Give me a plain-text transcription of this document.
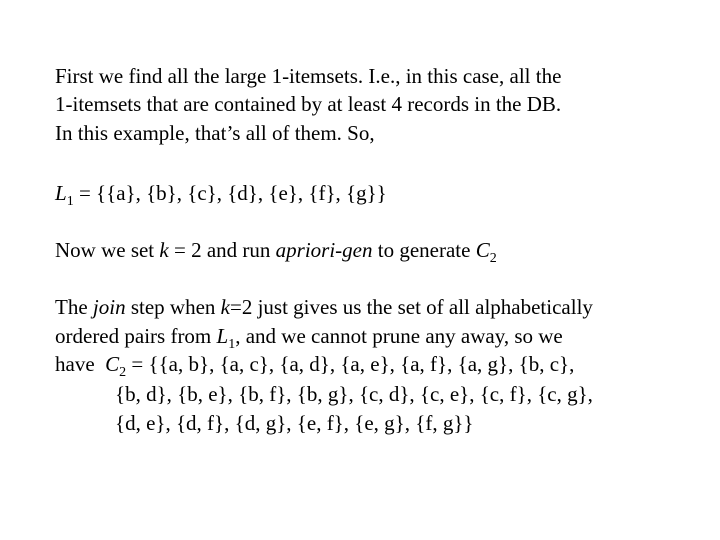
First we find all the large 1-itemsets. I.e., in this case, all the
1-itemsets that are contained by at least 4 records in the DB.
In this example, that’s all of them. So,
$L_1 = \{\{a\}$, {b}, {c}, {d}, {e}, {f}, {g}}
Now we set k = 2 and run apriori-gen to generate $C_2$
The join step when k=2 just gives us the set of all alphabetically
ordered pairs from $L_1$, and we cannot prune any away, so we
have  $C_2 = \{\{a$, b}, {a, c}, {a, d}, {a, e}, {a, f}, {a, g}, {b, c},
{b, d}, {b, e}, {b, f}, {b, g}, {c, d}, {c, e}, {c, f}, {c, g},
{d, e}, {d, f}, {d, g}, {e, f}, {e, g}, {f, g}}
